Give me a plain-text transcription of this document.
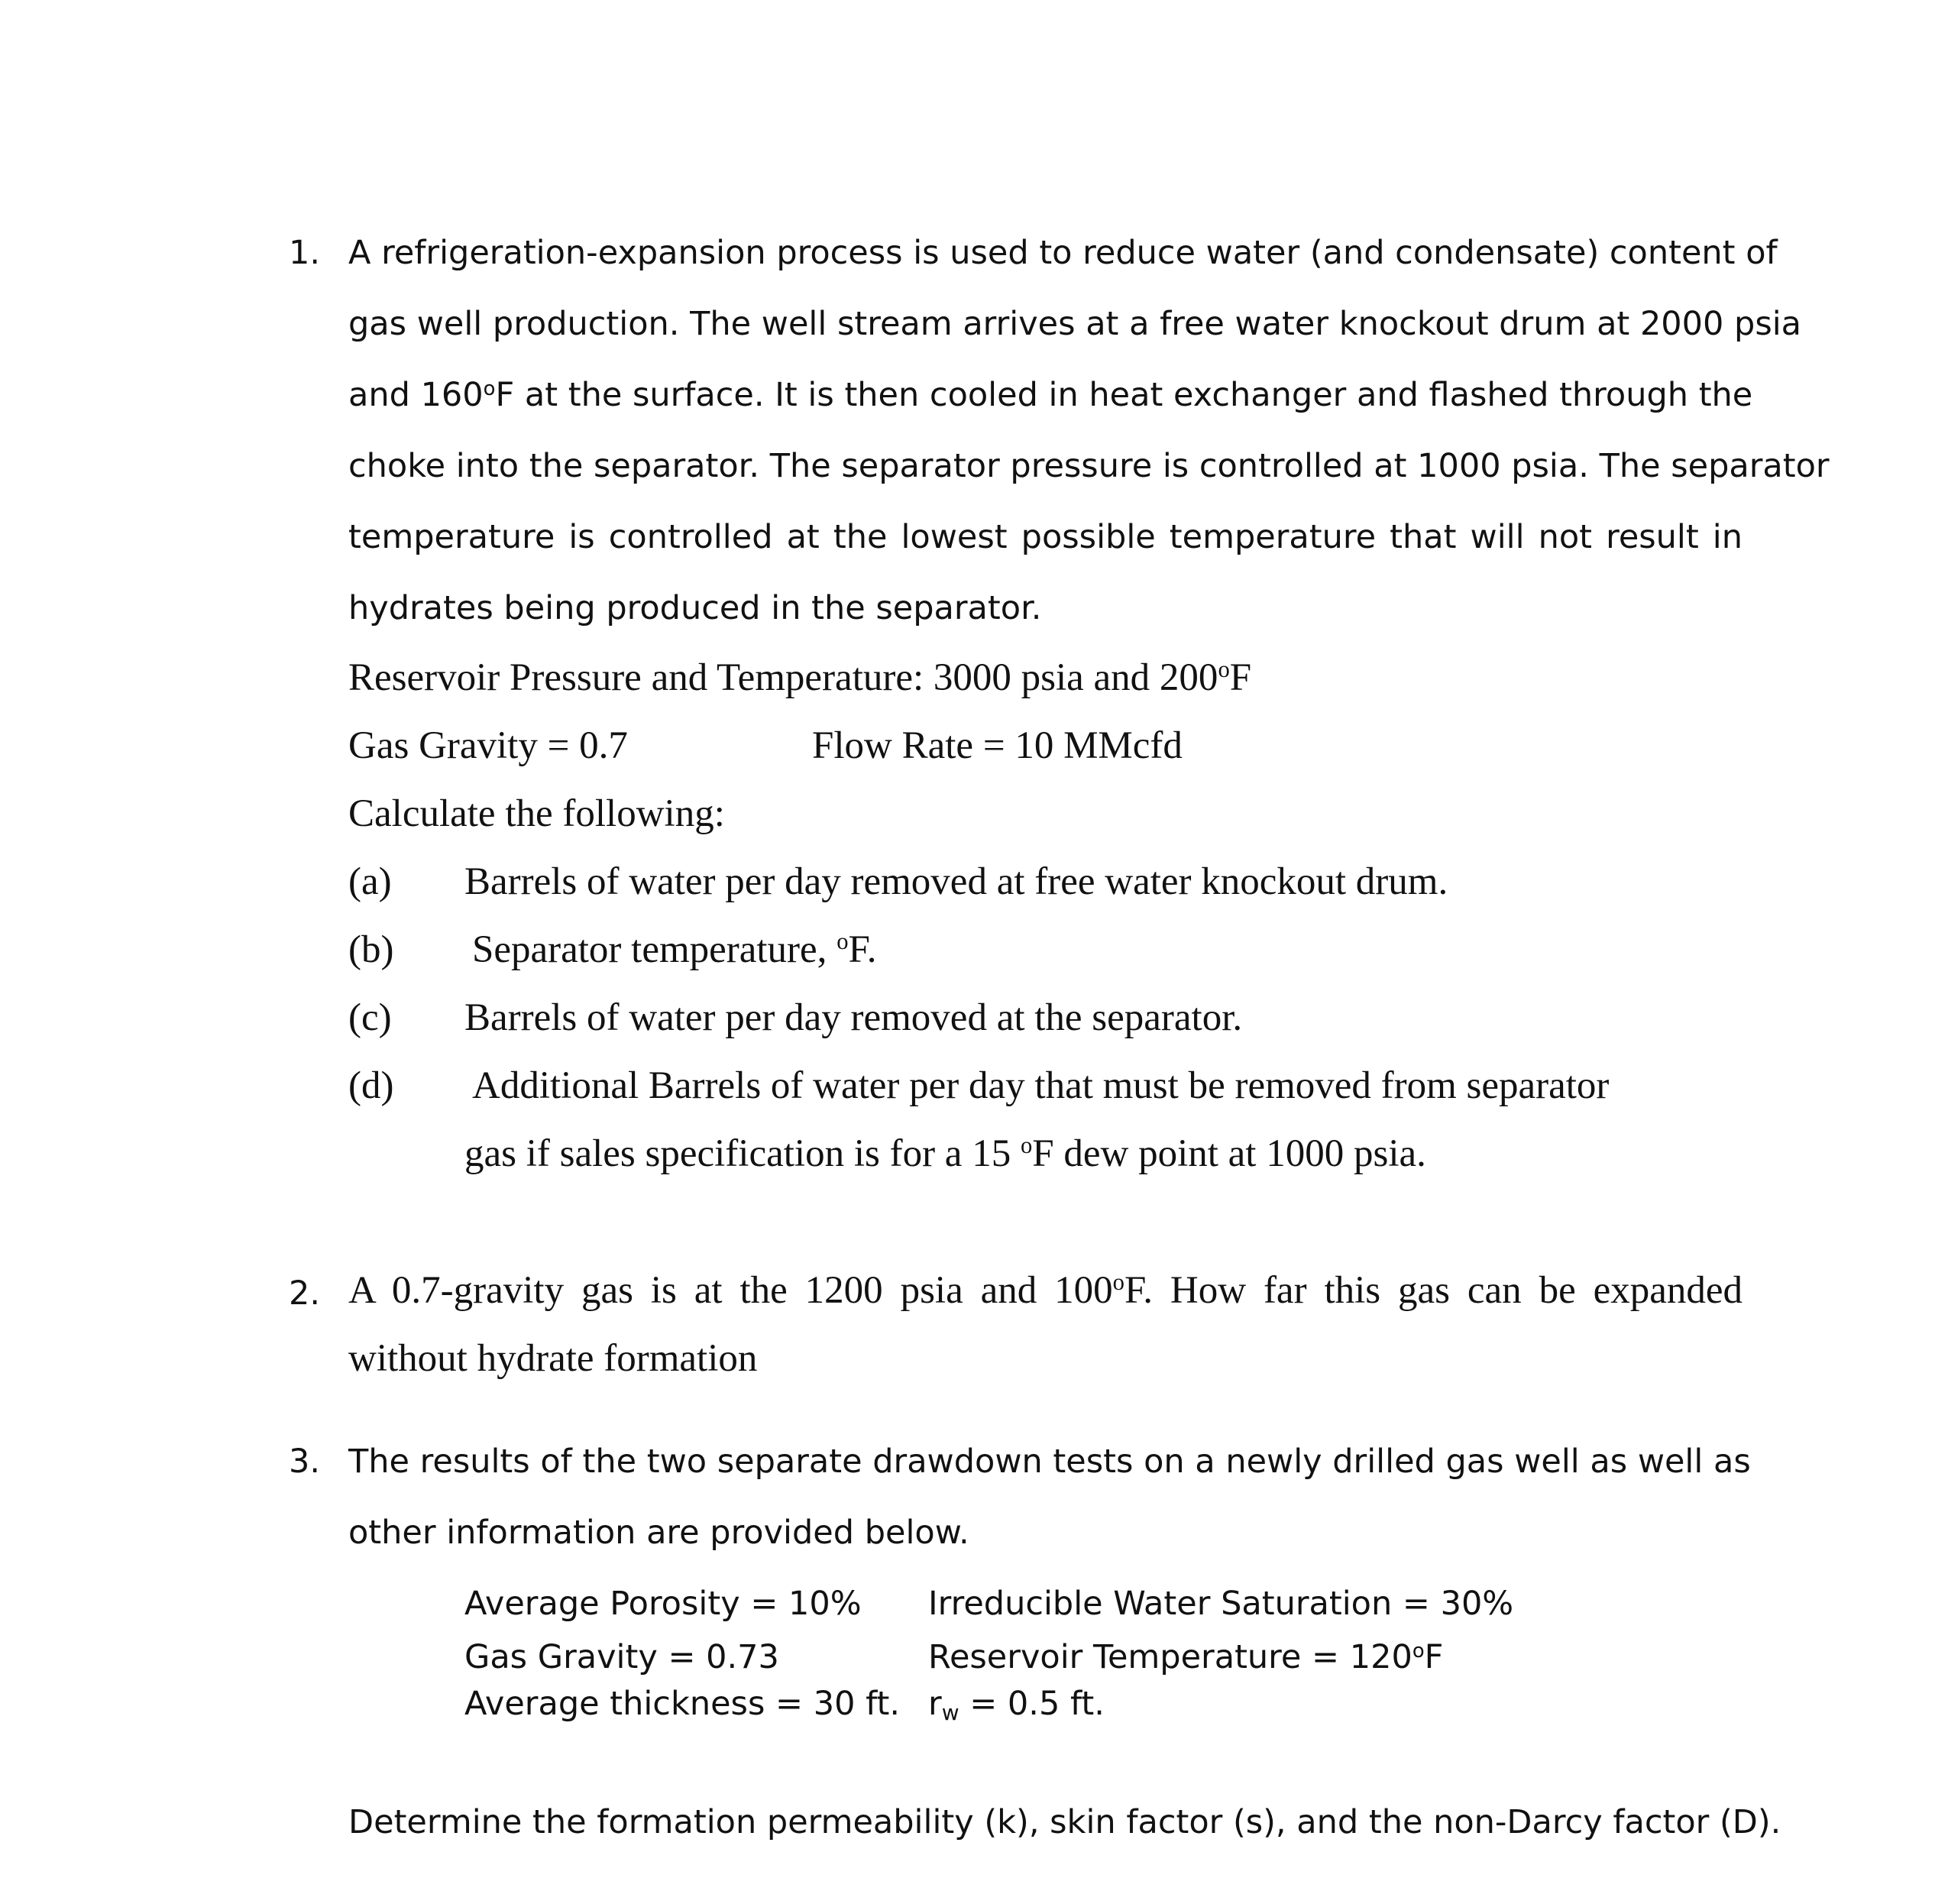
1. A refrigeration-expansion process is used to reduce water (and condensate) content of
gas well production. The well stream arrives at a free water knockout drum at 2000 psia
and 160$^o$F at the surface. It is then cooled in heat exchanger and flashed through the
choke into the separator. The separator pressure is controlled at 1000 psia. The separator
temperature is controlled at the lowest possible temperature that will not result in
hydrates being produced in the separator.
Reservoir Pressure and Temperature: 3000 psia and 200$^o$F
Gas Gravity = 0.7	Flow Rate = 10 MMcfd
Calculate the following:
(a) Barrels of water per day removed at free water knockout drum.
(b) Separator temperature, $^o$F.
(c) Barrels of water per day removed at the separator.
(d) Additional Barrels of water per day that must be removed from separator
gas if sales specification is for a 15 $^o$F dew point at 1000 psia.
2. A 0.7-gravity gas is at the 1200 psia and 100$^o$F. How far this gas can be expanded
without hydrate formation
3. The results of the two separate drawdown tests on a newly drilled gas well as well as
other information are provided below.
Average Porosity = 10% Irreducible Water Saturation = 30%
Gas Gravity = 0.73	Reservoir Temperature = $120^oF$
Average thickness = 30 ft. $r_w = 0.5$ ft.
Determine the formation permeability (k), skin factor (s), and the non-Darcy factor (D).
